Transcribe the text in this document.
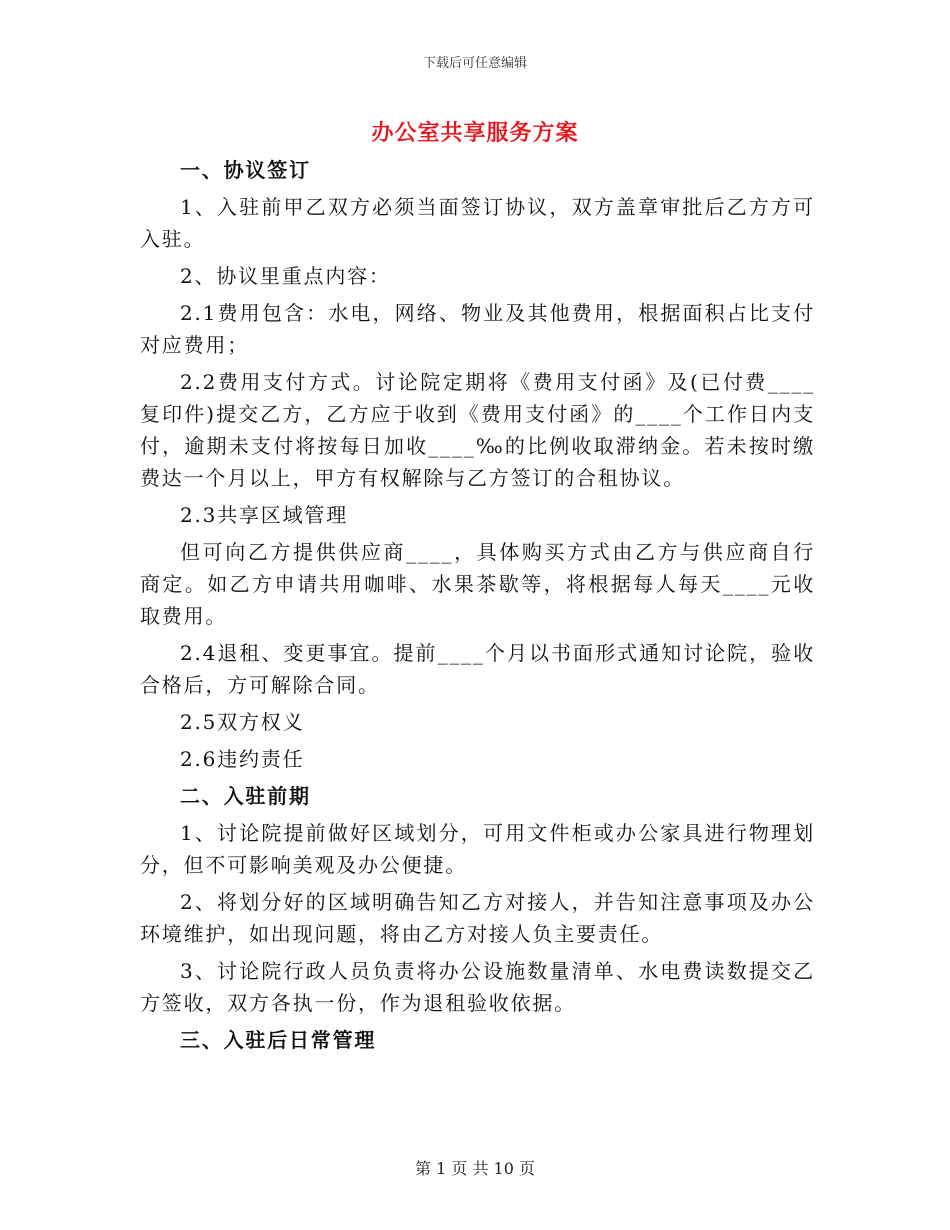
下载后可任意编辑
办公室共享服务方案

一、协议签订

1、入驻前甲乙双方必须当面签订协议，双方盖章审批后乙方方可入驻。

2、协议里重点内容：

2.1费用包含：水电，网络、物业及其他费用，根据面积占比支付对应费用；

2.2费用支付方式。讨论院定期将《费用支付函》及(已付费____复印件)提交乙方，乙方应于收到《费用支付函》的____个工作日内支付，逾期未支付将按每日加收____‰的比例收取滞纳金。若未按时缴费达一个月以上，甲方有权解除与乙方签订的合租协议。

2.3共享区域管理

但可向乙方提供供应商____，具体购买方式由乙方与供应商自行商定。如乙方申请共用咖啡、水果茶歇等，将根据每人每天____元收取费用。

2.4退租、变更事宜。提前____个月以书面形式通知讨论院，验收合格后，方可解除合同。

2.5双方权义

2.6违约责任

二、入驻前期

1、讨论院提前做好区域划分，可用文件柜或办公家具进行物理划分，但不可影响美观及办公便捷。

2、将划分好的区域明确告知乙方对接人，并告知注意事项及办公环境维护，如出现问题，将由乙方对接人负主要责任。

3、讨论院行政人员负责将办公设施数量清单、水电费读数提交乙方签收，双方各执一份，作为退租验收依据。

三、入驻后日常管理

第 1 页 共 10 页
